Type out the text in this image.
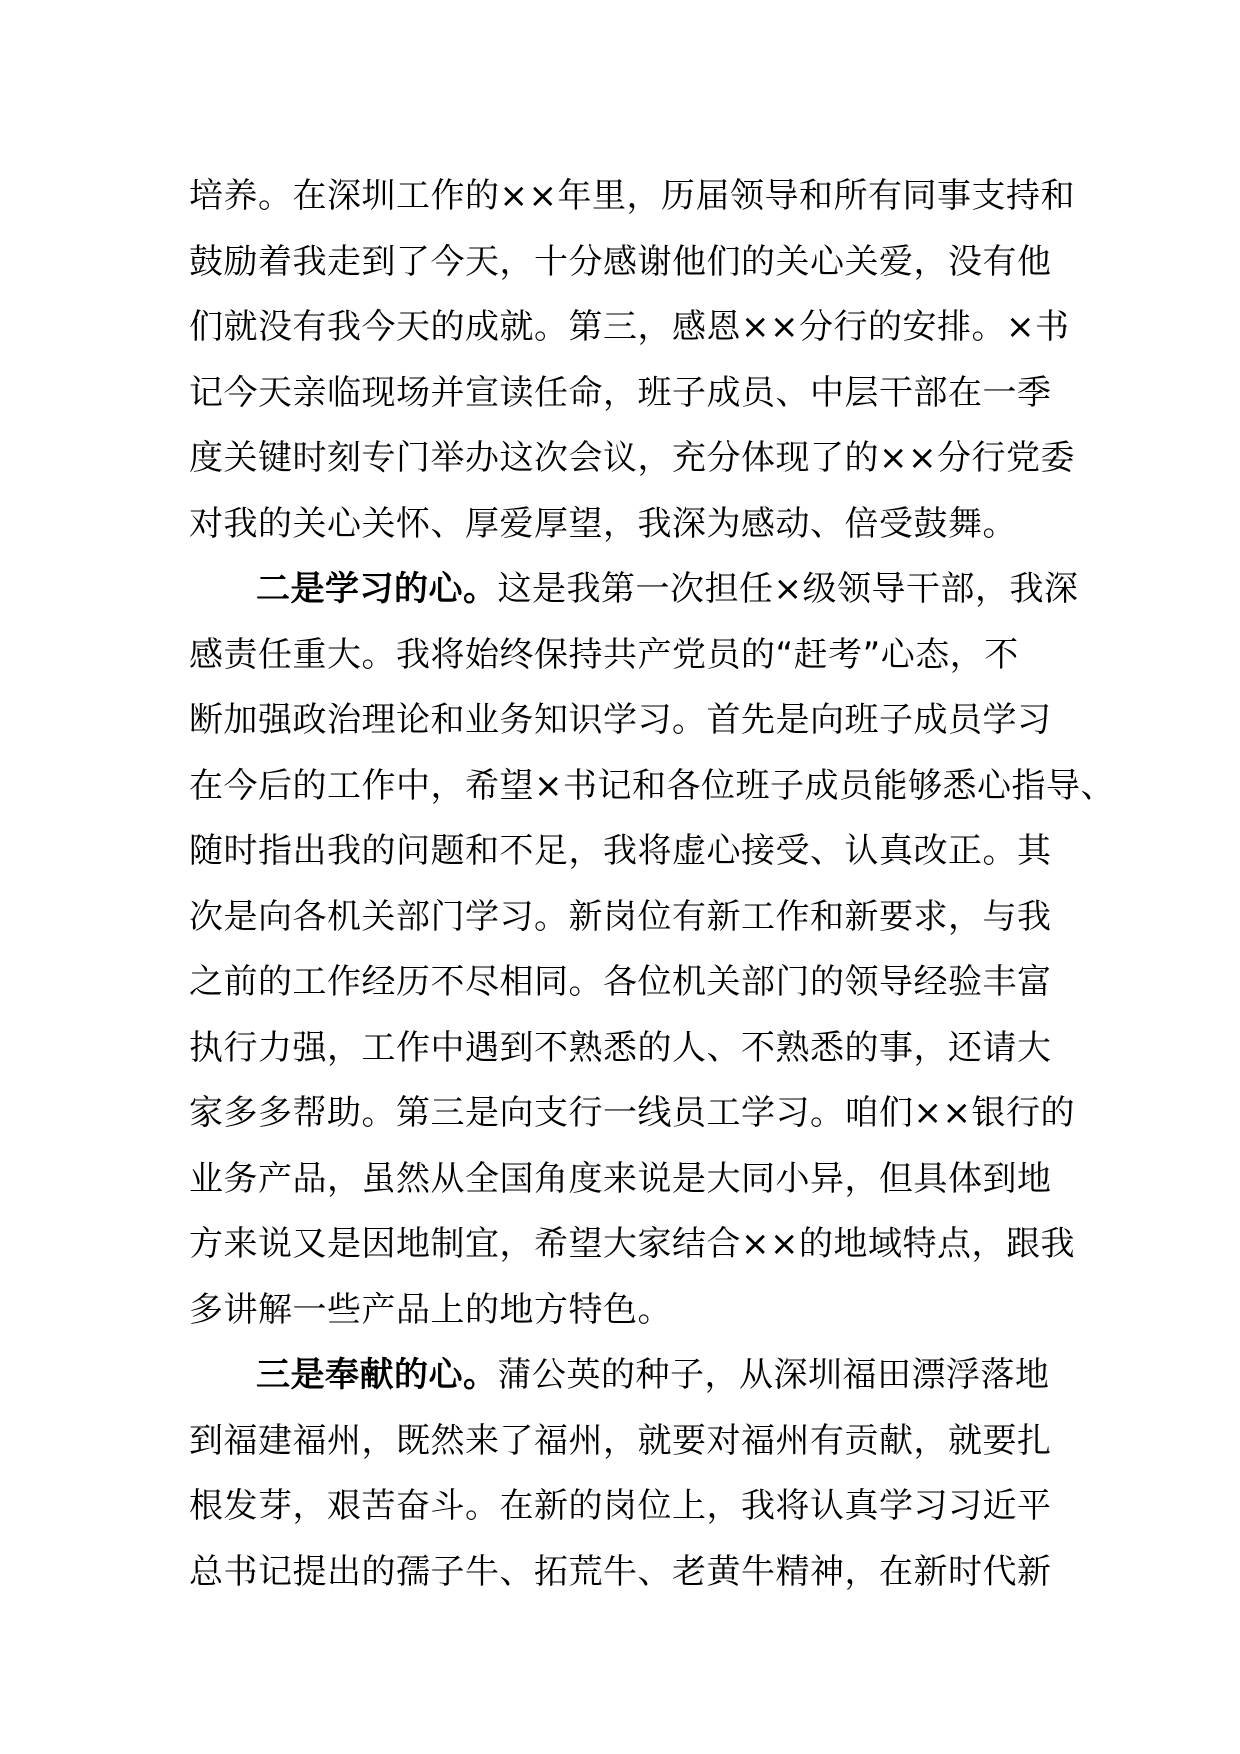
培养。在深圳工作的××年里，历届领导和所有同事支持和
鼓励着我走到了今天，十分感谢他们的关心关爱，没有他
们就没有我今天的成就。第三，感恩××分行的安排。×书
记今天亲临现场并宣读任命，班子成员、中层干部在一季
度关键时刻专门举办这次会议，充分体现了的××分行党委
对我的关心关怀、厚爱厚望，我深为感动、倍受鼓舞。
二是学习的心。这是我第一次担任×级领导干部，我深
感责任重大。我将始终保持共产党员的“赶考”心态，不
断加强政治理论和业务知识学习。首先是向班子成员学习
在今后的工作中，希望×书记和各位班子成员能够悉心指导、
随时指出我的问题和不足，我将虚心接受、认真改正。其
次是向各机关部门学习。新岗位有新工作和新要求，与我
之前的工作经历不尽相同。各位机关部门的领导经验丰富
执行力强，工作中遇到不熟悉的人、不熟悉的事，还请大
家多多帮助。第三是向支行一线员工学习。咱们××银行的
业务产品，虽然从全国角度来说是大同小异，但具体到地
方来说又是因地制宜，希望大家结合××的地域特点，跟我
多讲解一些产品上的地方特色。
三是奉献的心。蒲公英的种子，从深圳福田漂浮落地
到福建福州，既然来了福州，就要对福州有贡献，就要扎
根发芽，艰苦奋斗。在新的岗位上，我将认真学习习近平
总书记提出的孺子牛、拓荒牛、老黄牛精神，在新时代新
